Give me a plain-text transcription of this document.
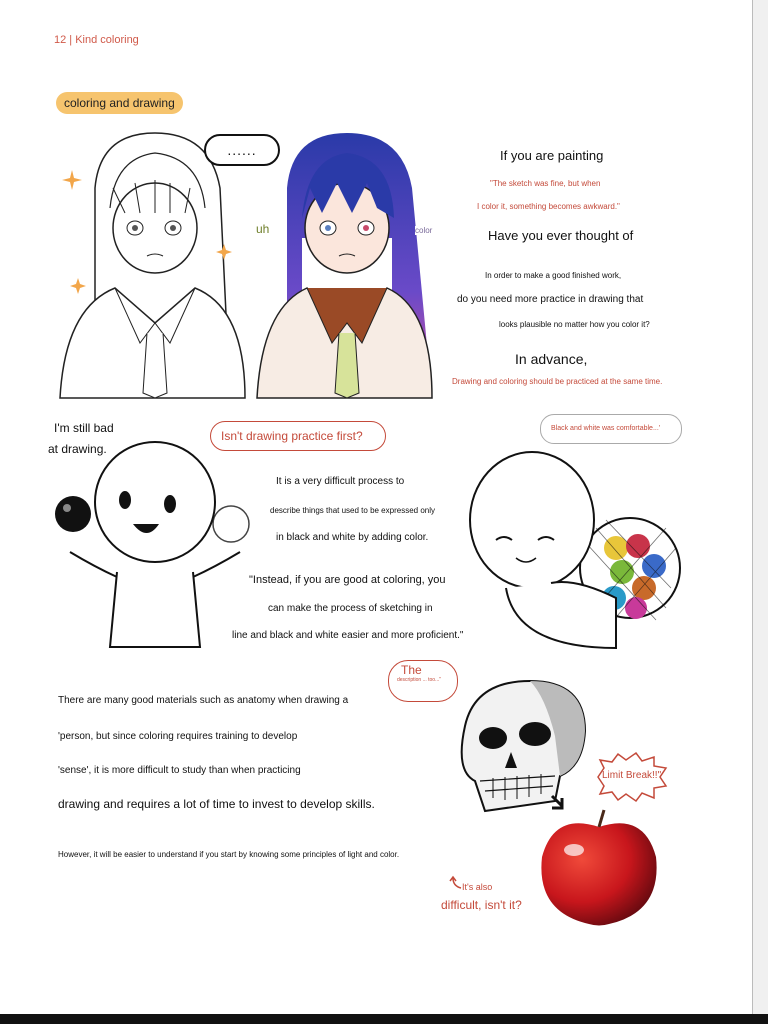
12 | Kind coloring
coloring and drawing
......
uh	color
If you are painting
"The sketch was fine, but when
I color it, something becomes awkward."
Have you ever thought of
In order to make a good finished work,
do you need more practice in drawing that
looks plausible no matter how you color it?
In advance,
Drawing and coloring should be practiced at the same time.
I'm still bad
at drawing.
Isn't drawing practice first?
It is a very difficult process to
describe things that used to be expressed only
in black and white by adding color.
"Instead, if you are good at coloring, you
can make the process of sketching in
line and black and white easier and more proficient."
Black and white was comfortable...'
There are many good materials such as anatomy when drawing a
'person, but since coloring requires training to develop
'sense', it is more difficult to study than when practicing
drawing and requires a lot of time to invest to develop skills.
However, it will be easier to understand if you start by knowing some principles of light and color.
The
description ... too..."
Limit Break!!"
It's also
difficult, isn't it?
